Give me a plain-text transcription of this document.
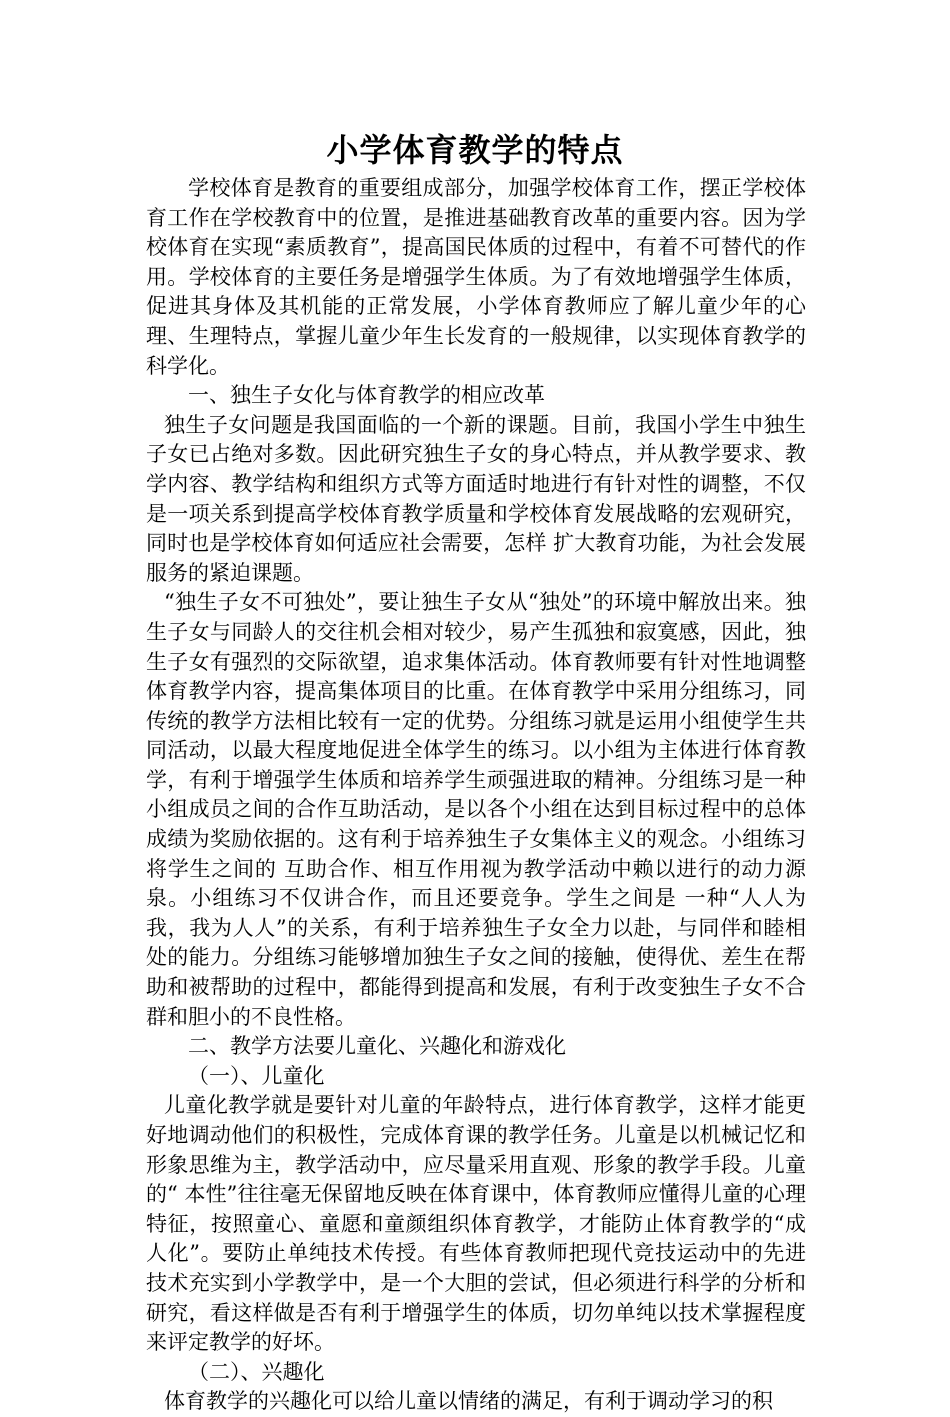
小学体育教学的特点

学校体育是教育的重要组成部分，加强学校体育工作，摆正学校体育工作在学校教育中的位置，是推进基础教育改革的重要内容。因为学校体育在实现“素质教育”，提高国民体质的过程中，有着不可替代的作用。学校体育的主要任务是增强学生体质。为了有效地增强学生体质，促进其身体及其机能的正常发展，小学体育教师应了解儿童少年的心理、生理特点，掌握儿童少年生长发育的一般规律，以实现体育教学的科学化。

一、独生子女化与体育教学的相应改革

独生子女问题是我国面临的一个新的课题。目前，我国小学生中独生子女已占绝对多数。因此研究独生子女的身心特点，并从教学要求、教学内容、教学结构和组织方式等方面适时地进行有针对性的调整，不仅是一项关系到提高学校体育教学质量和学校体育发展战略的宏观研究，同时也是学校体育如何适应社会需要，怎样 扩大教育功能，为社会发展服务的紧迫课题。

“独生子女不可独处”，要让独生子女从“独处”的环境中解放出来。独生子女与同龄人的交往机会相对较少，易产生孤独和寂寞感，因此，独生子女有强烈的交际欲望，追求集体活动。体育教师要有针对性地调整体育教学内容，提高集体项目的比重。在体育教学中采用分组练习，同传统的教学方法相比较有一定的优势。分组练习就是运用小组使学生共同活动，以最大程度地促进全体学生的练习。以小组为主体进行体育教学，有利于增强学生体质和培养学生顽强进取的精神。分组练习是一种小组成员之间的合作互助活动，是以各个小组在达到目标过程中的总体成绩为奖励依据的。这有利于培养独生子女集体主义的观念。小组练习将学生之间的 互助合作、相互作用视为教学活动中赖以进行的动力源泉。小组练习不仅讲合作，而且还要竞争。学生之间是 一种“人人为我，我为人人”的关系，有利于培养独生子女全力以赴，与同伴和睦相处的能力。分组练习能够增加独生子女之间的接触，使得优、差生在帮助和被帮助的过程中，都能得到提高和发展，有利于改变独生子女不合群和胆小的不良性格。

二、教学方法要儿童化、兴趣化和游戏化

（一）、儿童化

儿童化教学就是要针对儿童的年龄特点，进行体育教学，这样才能更好地调动他们的积极性，完成体育课的教学任务。儿童是以机械记忆和形象思维为主，教学活动中，应尽量采用直观、形象的教学手段。儿童的“ 本性”往往毫无保留地反映在体育课中，体育教师应懂得儿童的心理特征，按照童心、童愿和童颜组织体育教学，才能防止体育教学的“成人化”。要防止单纯技术传授。有些体育教师把现代竞技运动中的先进技术充实到小学教学中，是一个大胆的尝试，但必须进行科学的分析和研究，看这样做是否有利于增强学生的体质，切勿单纯以技术掌握程度来评定教学的好坏。

（二）、兴趣化

体育教学的兴趣化可以给儿童以情绪的满足，有利于调动学习的积
